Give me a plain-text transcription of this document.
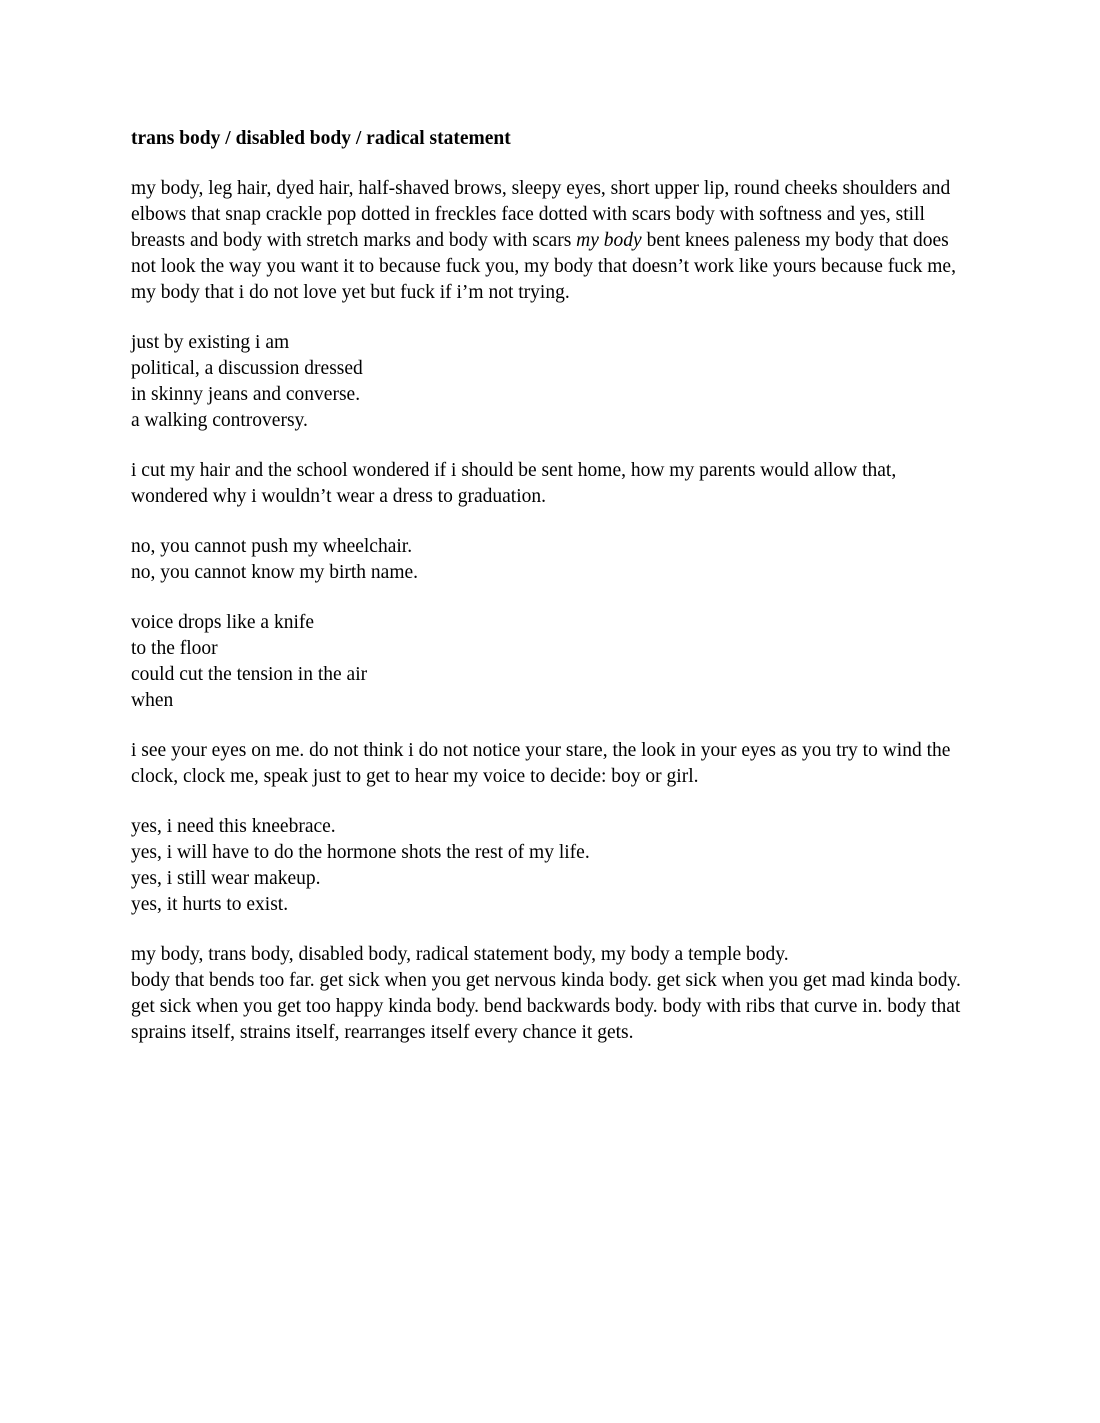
trans body / disabled body / radical statement

my body, leg hair, dyed hair, half-shaved brows, sleepy eyes, short upper lip, round cheeks shoulders and elbows that snap crackle pop dotted in freckles face dotted with scars body with softness and yes, still breasts and body with stretch marks and body with scars my body bent knees paleness my body that does not look the way you want it to because fuck you, my body that doesn’t work like yours because fuck me, my body that i do not love yet but fuck if i’m not trying.

just by existing i am
political, a discussion dressed
in skinny jeans and converse.
a walking controversy.

i cut my hair and the school wondered if i should be sent home, how my parents would allow that, wondered why i wouldn’t wear a dress to graduation.

no, you cannot push my wheelchair.
no, you cannot know my birth name.

voice drops like a knife
to the floor
could cut the tension in the air
when

i see your eyes on me. do not think i do not notice your stare, the look in your eyes as you try to wind the clock, clock me, speak just to get to hear my voice to decide: boy or girl.

yes, i need this kneebrace.
yes, i will have to do the hormone shots the rest of my life.
yes, i still wear makeup.
yes, it hurts to exist.

my body, trans body, disabled body, radical statement body, my body a temple body.
body that bends too far. get sick when you get nervous kinda body. get sick when you get mad kinda body. get sick when you get too happy kinda body. bend backwards body. body with ribs that curve in. body that sprains itself, strains itself, rearranges itself every chance it gets.
